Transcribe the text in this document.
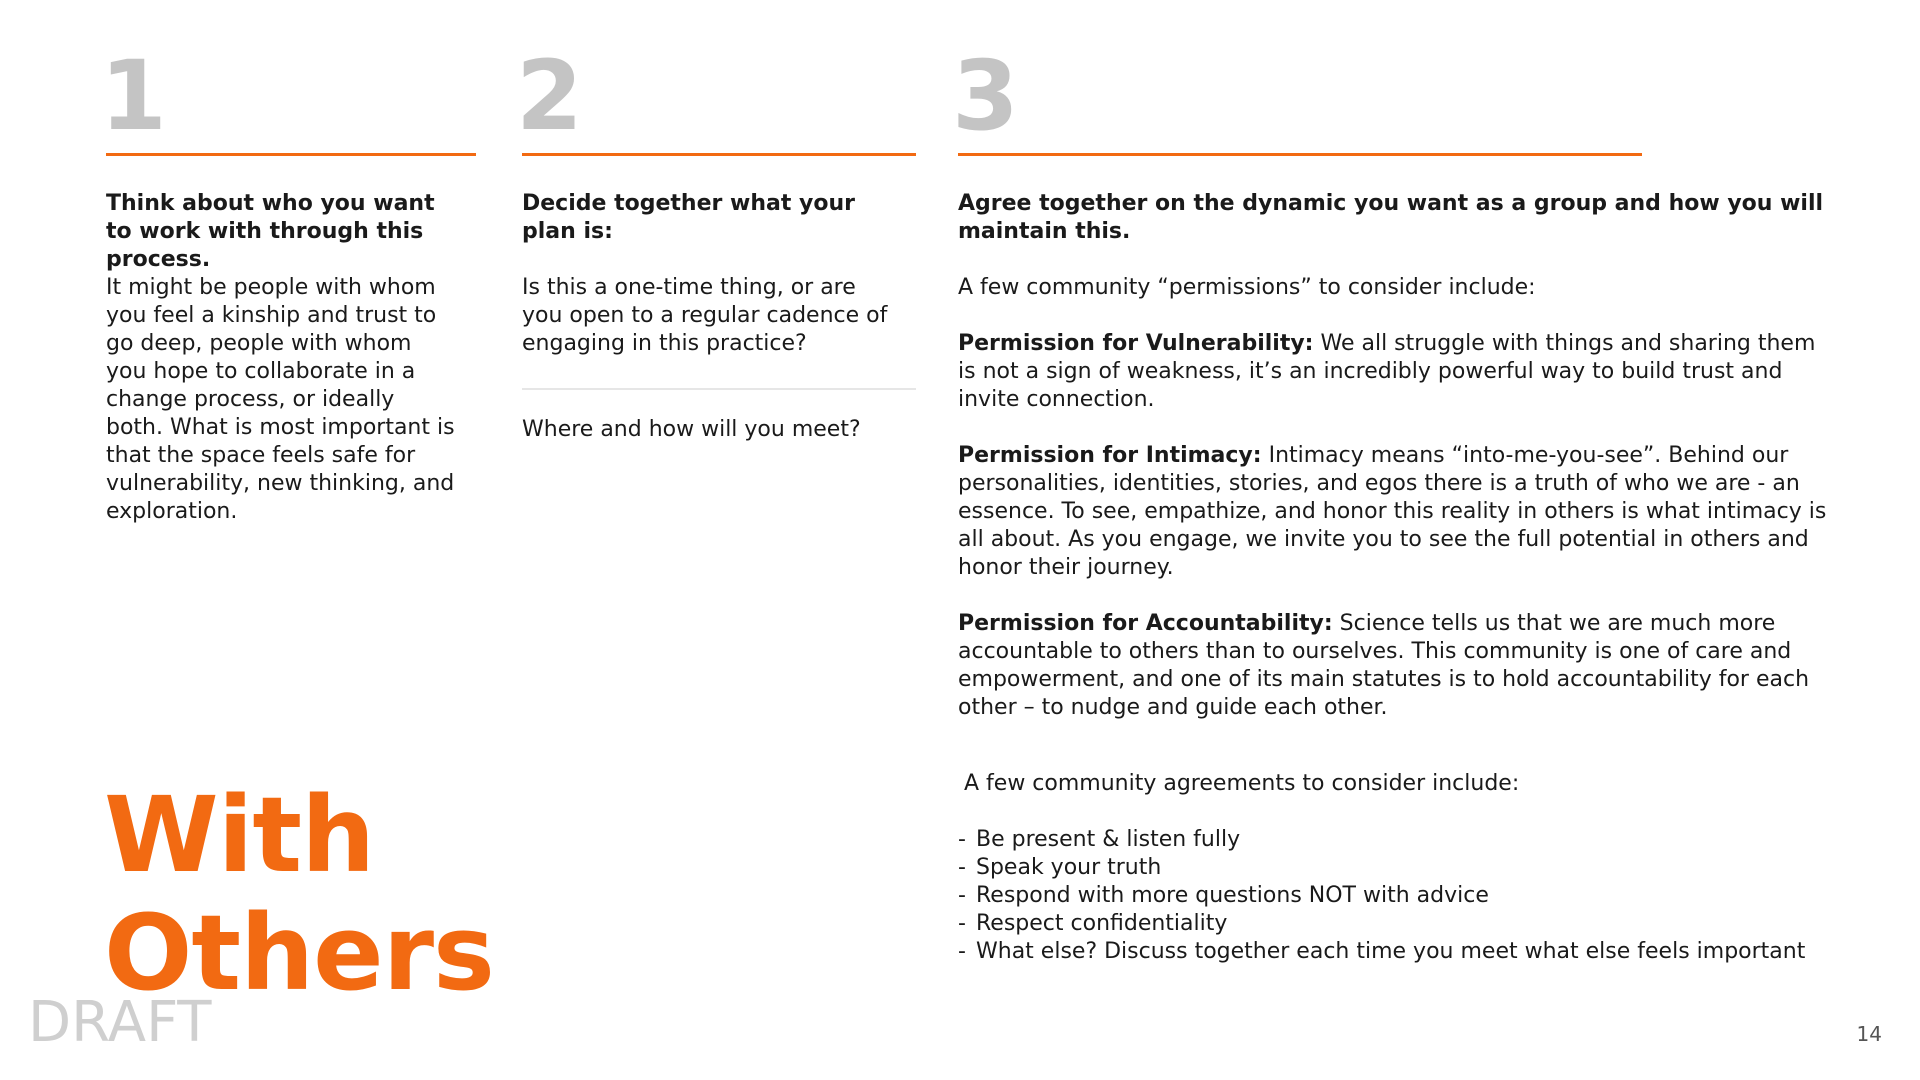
1	2	3

Think about who you want to work with through this process.

It might be people with whom you feel a kinship and trust to go deep, people with whom you hope to collaborate in a change process, or ideally both. What is most important is that the space feels safe for vulnerability, new thinking, and exploration.

Decide together what your plan is:

Is this a one-time thing, or are you open to a regular cadence of engaging in this practice?

Where and how will you meet?

Agree together on the dynamic you want as a group and how you will maintain this.

A few community “permissions” to consider include:

Permission for Vulnerability: We all struggle with things and sharing them is not a sign of weakness, it’s an incredibly powerful way to build trust and invite connection.

Permission for Intimacy: Intimacy means “into-me-you-see”. Behind our personalities, identities, stories, and egos there is a truth of who we are - an essence. To see, empathize, and honor this reality in others is what intimacy is all about. As you engage, we invite you to see the full potential in others and honor their journey.

Permission for Accountability: Science tells us that we are much more accountable to others than to ourselves. This community is one of care and empowerment, and one of its main statutes is to hold accountability for each other – to nudge and guide each other.

A few community agreements to consider include:

- Be present & listen fully
- Speak your truth
- Respond with more questions NOT with advice
- Respect confidentiality
- What else? Discuss together each time you meet what else feels important
With
Others
DRAFT	14
